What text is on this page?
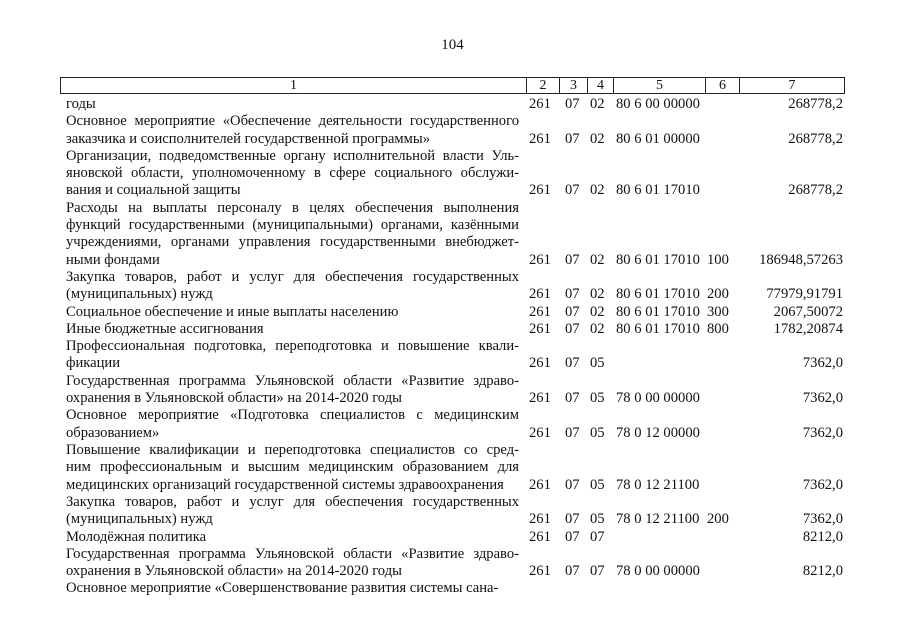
104
1	2	3	4	5	6	7
годы	261 07 02 80 6 00 00000	268778,2
Основное мероприятие «Обеспечение деятельности государственного
заказчика и соисполнителей государственной программы»	261 07 02 80 6 01 00000	268778,2
Организации, подведомственные органу исполнительной власти Уль-
яновской области, уполномоченному в сфере социального обслужи-
вания и социальной защиты	261 07 02 80 6 01 17010	268778,2
Расходы на выплаты персоналу в целях обеспечения выполнения
функций государственными (муниципальными) органами, казёнными
учреждениями, органами управления государственными внебюджет-
ными фондами	261 07 02 80 6 01 17010 100	186948,57263
Закупка товаров, работ и услуг для обеспечения государственных
(муниципальных) нужд	261 07 02 80 6 01 17010 200	77979,91791
Социальное обеспечение и иные выплаты населению	261 07 02 80 6 01 17010 300	2067,50072
Иные бюджетные ассигнования	261 07 02 80 6 01 17010 800	1782,20874
Профессиональная подготовка, переподготовка и повышение квали-
фикации	261 07 05	7362,0
Государственная программа Ульяновской области «Развитие здраво-
охранения в Ульяновской области» на 2014-2020 годы	261 07 05 78 0 00 00000	7362,0
Основное мероприятие «Подготовка специалистов с медицинским
образованием»	261 07 05 78 0 12 00000	7362,0
Повышение квалификации и переподготовка специалистов со сред-
ним профессиональным и высшим медицинским образованием для
медицинских организаций государственной системы здравоохранения	261 07 05 78 0 12 21100	7362,0
Закупка товаров, работ и услуг для обеспечения государственных
(муниципальных) нужд	261 07 05 78 0 12 21100 200	7362,0
Молодёжная политика	261 07 07	8212,0
Государственная программа Ульяновской области «Развитие здраво-
охранения в Ульяновской области» на 2014-2020 годы	261 07 07 78 0 00 00000	8212,0
Основное мероприятие «Совершенствование развития системы сана-
